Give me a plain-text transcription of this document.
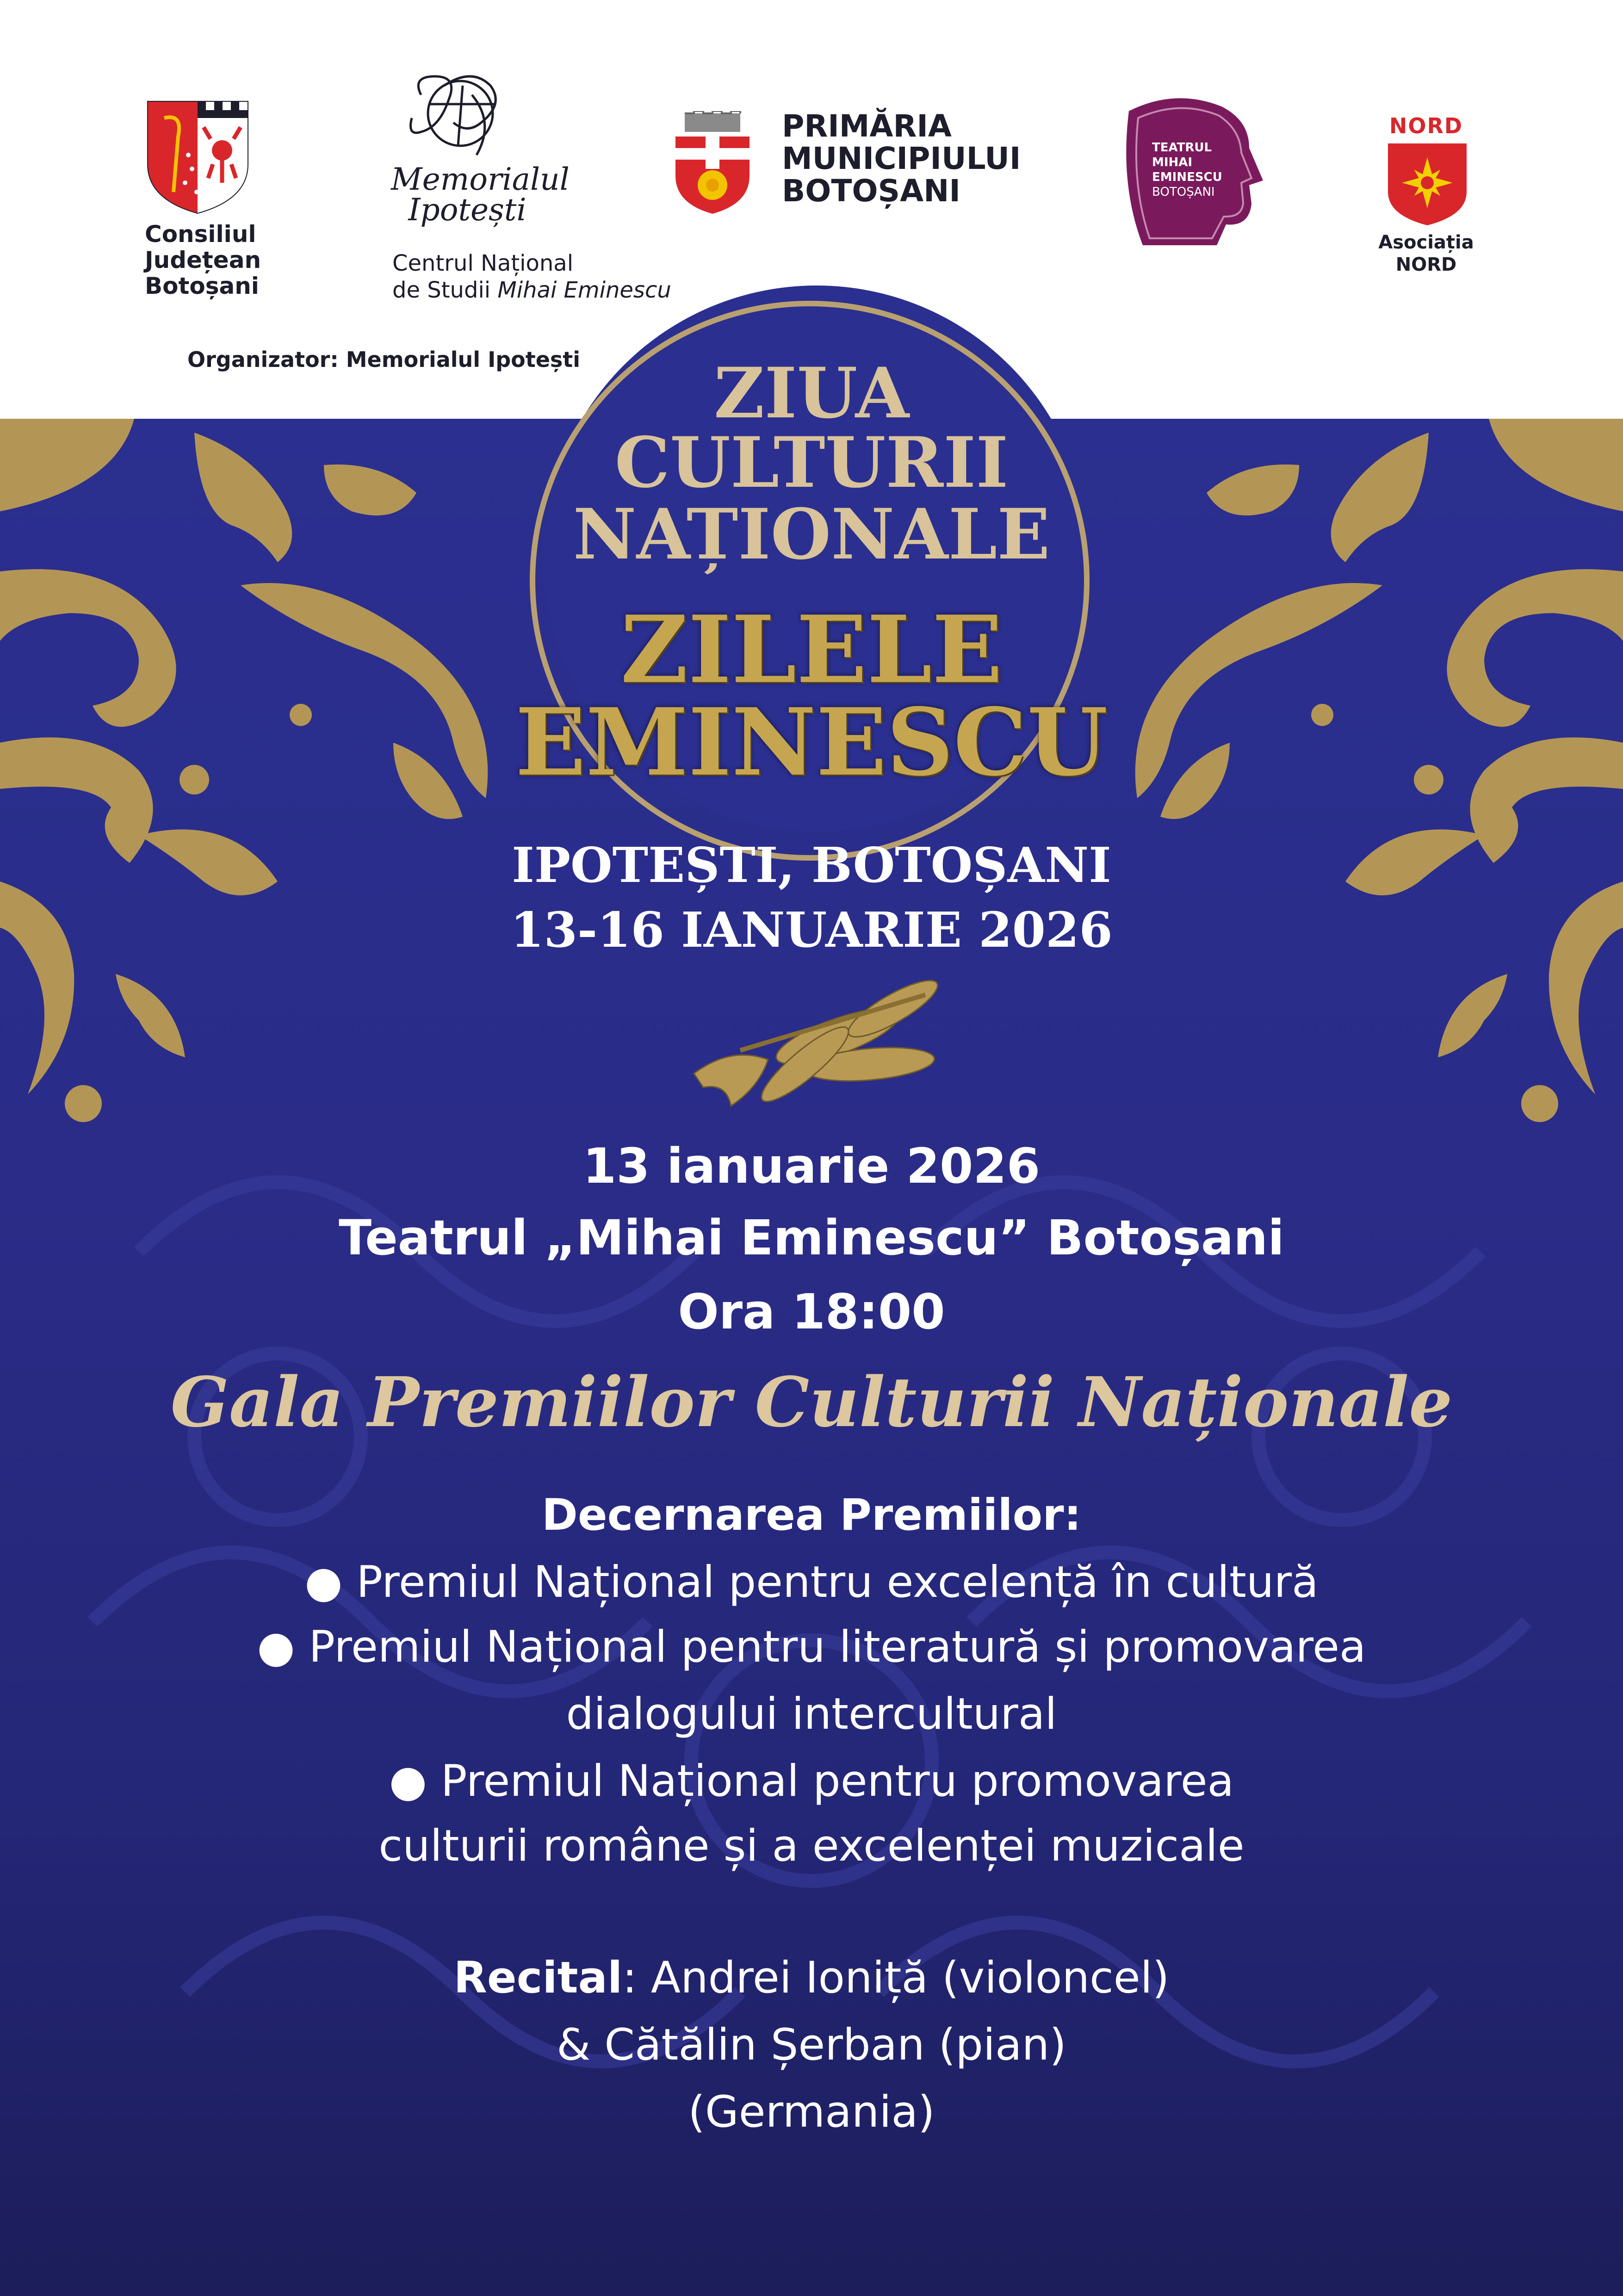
Consiliul
Județean
Botoșani
Memorialul
Ipotești
Centrul Național
de Studii Mihai Eminescu
PRIMĂRIA
MUNICIPIULUI
BOTOȘANI
TEATRUL
MIHAI
EMINESCU
BOTOȘANI
NORD
Asociația
NORD
Organizator: Memorialul Ipotești	ZIUA
CULTURII
NAȚIONALE
ZILELE
EMINESCU
IPOTEȘTI, BOTOȘANI
13-16 IANUARIE 2026
13 ianuarie 2026
Teatrul „Mihai Eminescu” Botoșani
Ora 18:00
Gala Premiilor Culturii Naționale
Decernarea Premiilor:
● Premiul Național pentru excelență în cultură
● Premiul Național pentru literatură și promovarea
dialogului intercultural
● Premiul Național pentru promovarea
culturii române și a excelenței muzicale
Recital: Andrei Ioniță (violoncel)
& Cătălin Șerban (pian)
(Germania)
